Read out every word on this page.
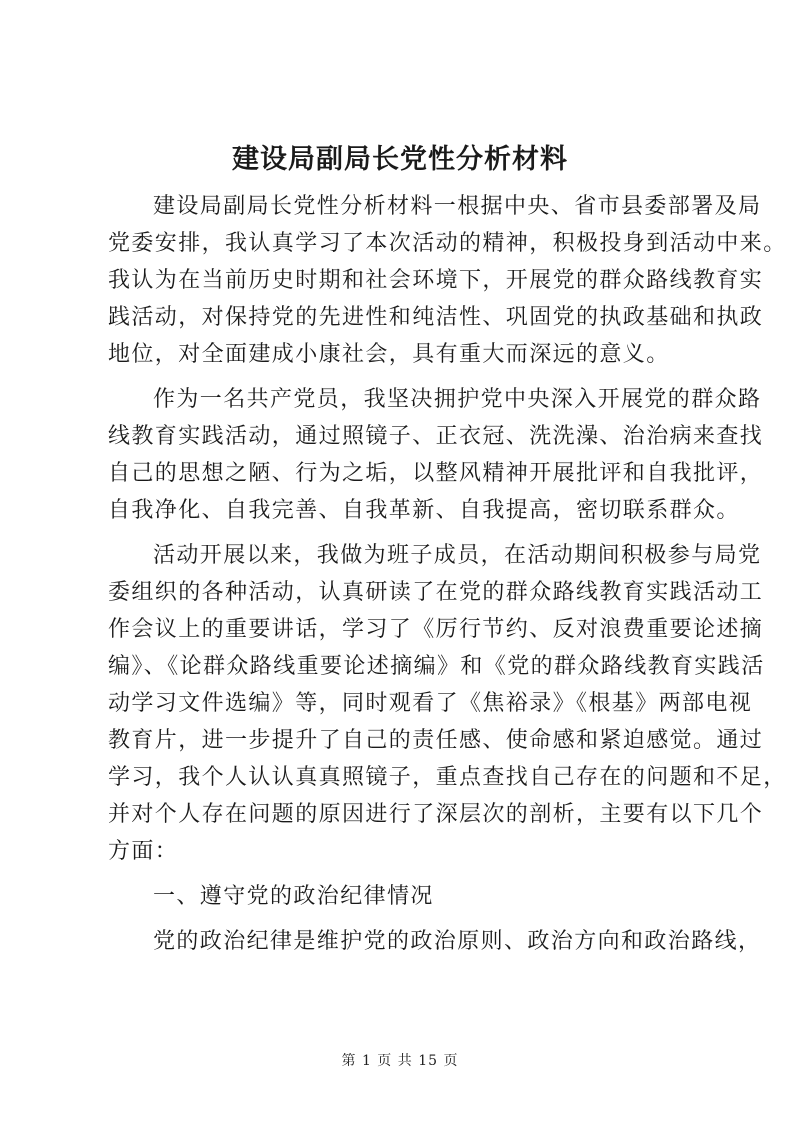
建设局副局长党性分析材料
建设局副局长党性分析材料一根据中央、省市县委部署及局
党委安排，我认真学习了本次活动的精神，积极投身到活动中来。
我认为在当前历史时期和社会环境下，开展党的群众路线教育实
践活动，对保持党的先进性和纯洁性、巩固党的执政基础和执政
地位，对全面建成小康社会，具有重大而深远的意义。
作为一名共产党员，我坚决拥护党中央深入开展党的群众路
线教育实践活动，通过照镜子、正衣冠、洗洗澡、治治病来查找
自己的思想之陋、行为之垢，以整风精神开展批评和自我批评，
自我净化、自我完善、自我革新、自我提高，密切联系群众。
活动开展以来，我做为班子成员，在活动期间积极参与局党
委组织的各种活动，认真研读了在党的群众路线教育实践活动工
作会议上的重要讲话，学习了《厉行节约、反对浪费重要论述摘
编》、《论群众路线重要论述摘编》和《党的群众路线教育实践活
动学习文件选编》等，同时观看了《焦裕录》《根基》两部电视
教育片，进一步提升了自己的责任感、使命感和紧迫感觉。通过
学习，我个人认认真真照镜子，重点查找自己存在的问题和不足，
并对个人存在问题的原因进行了深层次的剖析，主要有以下几个
方面：
一、遵守党的政治纪律情况
党的政治纪律是维护党的政治原则、政治方向和政治路线，
第 1 页 共 15 页
